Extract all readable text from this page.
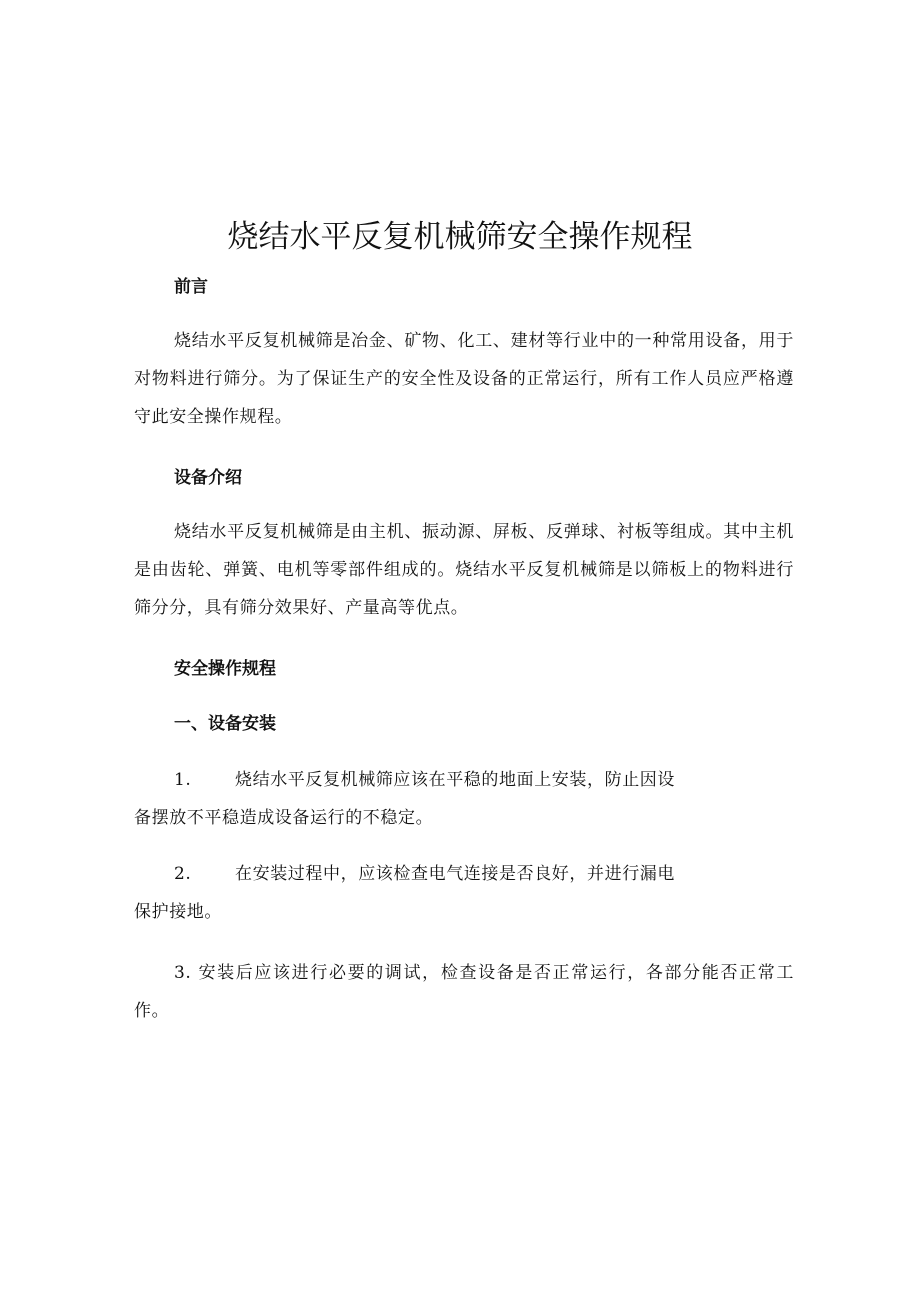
烧结水平反复机械筛安全操作规程
前言
烧结水平反复机械筛是冶金、矿物、化工、建材等行业中的一种常用设备，用于对物料进行筛分。为了保证生产的安全性及设备的正常运行，所有工作人员应严格遵守此安全操作规程。
设备介绍
烧结水平反复机械筛是由主机、振动源、屏板、反弹球、衬板等组成。其中主机是由齿轮、弹簧、电机等零部件组成的。烧结水平反复机械筛是以筛板上的物料进行筛分分，具有筛分效果好、产量高等优点。
安全操作规程
一、设备安装
1.	烧结水平反复机械筛应该在平稳的地面上安装，防止因设
备摆放不平稳造成设备运行的不稳定。
2.	在安装过程中，应该检查电气连接是否良好，并进行漏电
保护接地。
3. 安装后应该进行必要的调试，检查设备是否正常运行，各部分能否正常工作。
